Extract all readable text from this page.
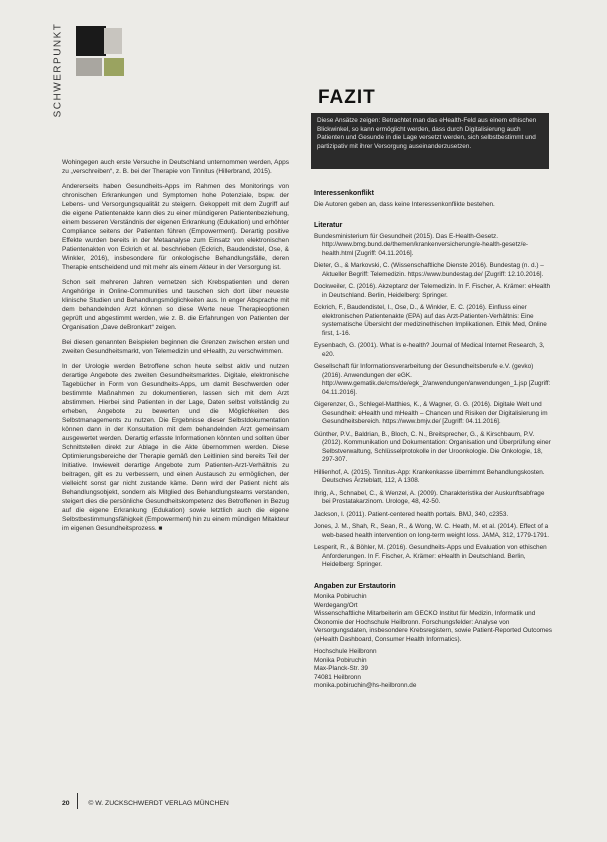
SCHWERPUNKT	FAZIT
Diese Ansätze zeigen: Betrachtet man das eHealth-Feld aus einem ethischen Blickwinkel, so kann ermöglicht werden, dass durch Digitalisierung auch Patienten und Gesunde in die Lage versetzt werden, sich selbstbestimmt und partizipativ mit ihrer Versorgung auseinanderzusetzen.

Wohingegen auch erste Versuche in Deutschland unternommen werden, Apps zu „verschreiben“, z. B. bei der Therapie von Tinnitus (Hillerbrand, 2015).

Andererseits haben Gesundheits-Apps im Rahmen des Monitorings von chronischen Erkrankungen und Symptomen hohe Potenziale, bspw. der Lebens- und Versorgungsqualität zu steigern. Gekoppelt mit dem Zugriff auf die eigene Patientenakte kann dies zu einer mündigeren Patientenbeziehung, einem besseren Verständnis der eigenen Erkrankung (Edukation) und erhöhter Compliance seitens der Patienten führen (Empowerment). Derartig positive Effekte wurden bereits in der Metaanalyse zum Einsatz von elektronischen Patientenakten von Eckrich et al. beschrieben (Eckrich, Baudendistel, Ose, & Winkler, 2016), insbesondere für onkologische Behandlungsfälle, deren Therapie entscheidend und mit mehr als einem Akteur in der Versorgung ist.

Schon seit mehreren Jahren vernetzen sich Krebspatienten und deren Angehörige in Online-Communities und tauschen sich dort über neueste klinische Studien und Behandlungsmöglichkeiten aus. In enger Absprache mit dem behandelnden Arzt können so diese Werte neue Therapieoptionen geprüft und abgestimmt werden, wie z. B. die Erfahrungen von Patienten der Organisation „Dave deBronkart“ zeigen.

Bei diesen genannten Beispielen beginnen die Grenzen zwischen ersten und zweiten Gesundheitsmarkt, von Telemedizin und eHealth, zu verschwimmen.

In der Urologie werden Betroffene schon heute selbst aktiv und nutzen derartige Angebote des zweiten Gesundheitsmarktes. Digitale, elektronische Tagebücher in Form von Gesundheits-Apps, um damit Beschwerden oder bestimmte Maßnahmen zu dokumentieren, lassen sich mit dem Arzt abstimmen. Hierbei sind Patienten in der Lage, Daten selbst vollständig zu erheben, Angebote zu bewerten und die Möglichkeiten des Selbstmanagements zu nutzen. Die Ergebnisse dieser Selbstdokumentation können dann in der Konsultation mit dem behandelnden Arzt gemeinsam ausgewertet werden. Derartig erfasste Informationen könnten und sollten über Schnittstellen direkt zur Ablage in die Akte übernommen werden. Diese Optimierungsbereiche der Therapie gemäß den Leitlinien sind bereits Teil der Initiative. Inwieweit derartige Angebote zum Patienten-Arzt-Verhältnis zu beitragen, gilt es zu verbessern, und einen Austausch zu ermöglichen, der vielleicht sonst gar nicht zustande käme. Denn wird der Patient nicht als Behandlungsobjekt, sondern als Mitglied des Behandlungsteams verstanden, steigert dies die persönliche Gesundheitskompetenz des Betroffenen in Bezug auf die eigene Erkrankung (Edukation) sowie letztlich auch die eigene Selbstbestimmungsfähigkeit (Empowerment) hin zu einem mündigen Mitakteur im eigenen Gesundheitsprozess. ■

Interessenkonflikt

Die Autoren geben an, dass keine Interessenkonflikte bestehen.

Literatur

Bundesministerium für Gesundheit (2015). Das E-Health-Gesetz. http://www.bmg.bund.de/themen/krankenversicherung/e-health-gesetz/e-health.html [Zugriff: 04.11.2016].

Dieter, G., & Markovski, C. (Wissenschaftliche Dienste 2016). Bundestag (n. d.) – Aktueller Begriff: Telemedizin. https://www.bundestag.de/ [Zugriff: 12.10.2016].

Dockweiler, C. (2016). Akzeptanz der Telemedizin. In F. Fischer, A. Krämer: eHealth in Deutschland. Berlin, Heidelberg: Springer.

Eckrich, F., Baudendistel, I., Ose, D., & Winkler, E. C. (2016). Einfluss einer elektronischen Patientenakte (EPA) auf das Arzt-Patienten-Verhältnis: Eine systematische Übersicht der medizinethischen Implikationen. Ethik Med, Online first, 1-16.

Eysenbach, G. (2001). What is e-health? Journal of Medical Internet Research, 3, e20.

Gesellschaft für Informationsverarbeitung der Gesundheitsberufe e.V. (gevko) (2016). Anwendungen der eGK. http://www.gematik.de/cms/de/egk_2/anwendungen/anwendungen_1.jsp [Zugriff: 04.11.2016].

Gigerenzer, G., Schlegel-Matthies, K., & Wagner, G. G. (2016). Digitale Welt und Gesundheit: eHealth und mHealth – Chancen und Risiken der Digitalisierung im Gesundheitsbereich. https://www.bmjv.de/ [Zugriff: 04.11.2016].

Günther, P.V., Baldrian, B., Bloch, C. N., Breitsprecher, G., & Kirschbaum, P.V. (2012). Kommunikation und Dokumentation: Organisation und Überprüfung einer Selbstverwaltung, Schlüsselprotokolle in der Uroonkologie. Die Onkologie, 18, 297-307.

Hillienhof, A. (2015). Tinnitus-App: Krankenkasse übernimmt Behandlungskosten. Deutsches Ärzteblatt, 112, A 1308.

Ihrig, A., Schnabel, C., & Wenzel, A. (2009). Charakteristika der Auskunftsabfrage bei Prostatakarzinom. Urologe, 48, 42-50.

Jackson, I. (2011). Patient-centered health portals. BMJ, 340, c2353.

Jones, J. M., Shah, R., Sean, R., & Wong, W. C. Heath, M. et al. (2014). Effect of a web-based health intervention on long-term weight loss. JAMA, 312, 1779-1791.

Lesperit, R., & Böhler, M. (2016). Gesundheits-Apps und Evaluation von ethischen Anforderungen. In F. Fischer, A. Krämer: eHealth in Deutschland. Berlin, Heidelberg: Springer.

Angaben zur Erstautorin

Monika Pobiruchin

Werdegang/Ort

Wissenschaftliche Mitarbeiterin am GECKO Institut für Medizin, Informatik und Ökonomie der Hochschule Heilbronn. Forschungsfelder: Analyse von Versorgungsdaten, insbesondere Krebsregistern, sowie Patient-Reported Outcomes (eHealth Dashboard, Consumer Health Informatics).

Hochschule Heilbronn
Monika Pobiruchin
Max-Planck-Str. 39
74081 Heilbronn
monika.pobiruchin@hs-heilbronn.de
20	© W. ZUCKSCHWERDT VERLAG MÜNCHEN
